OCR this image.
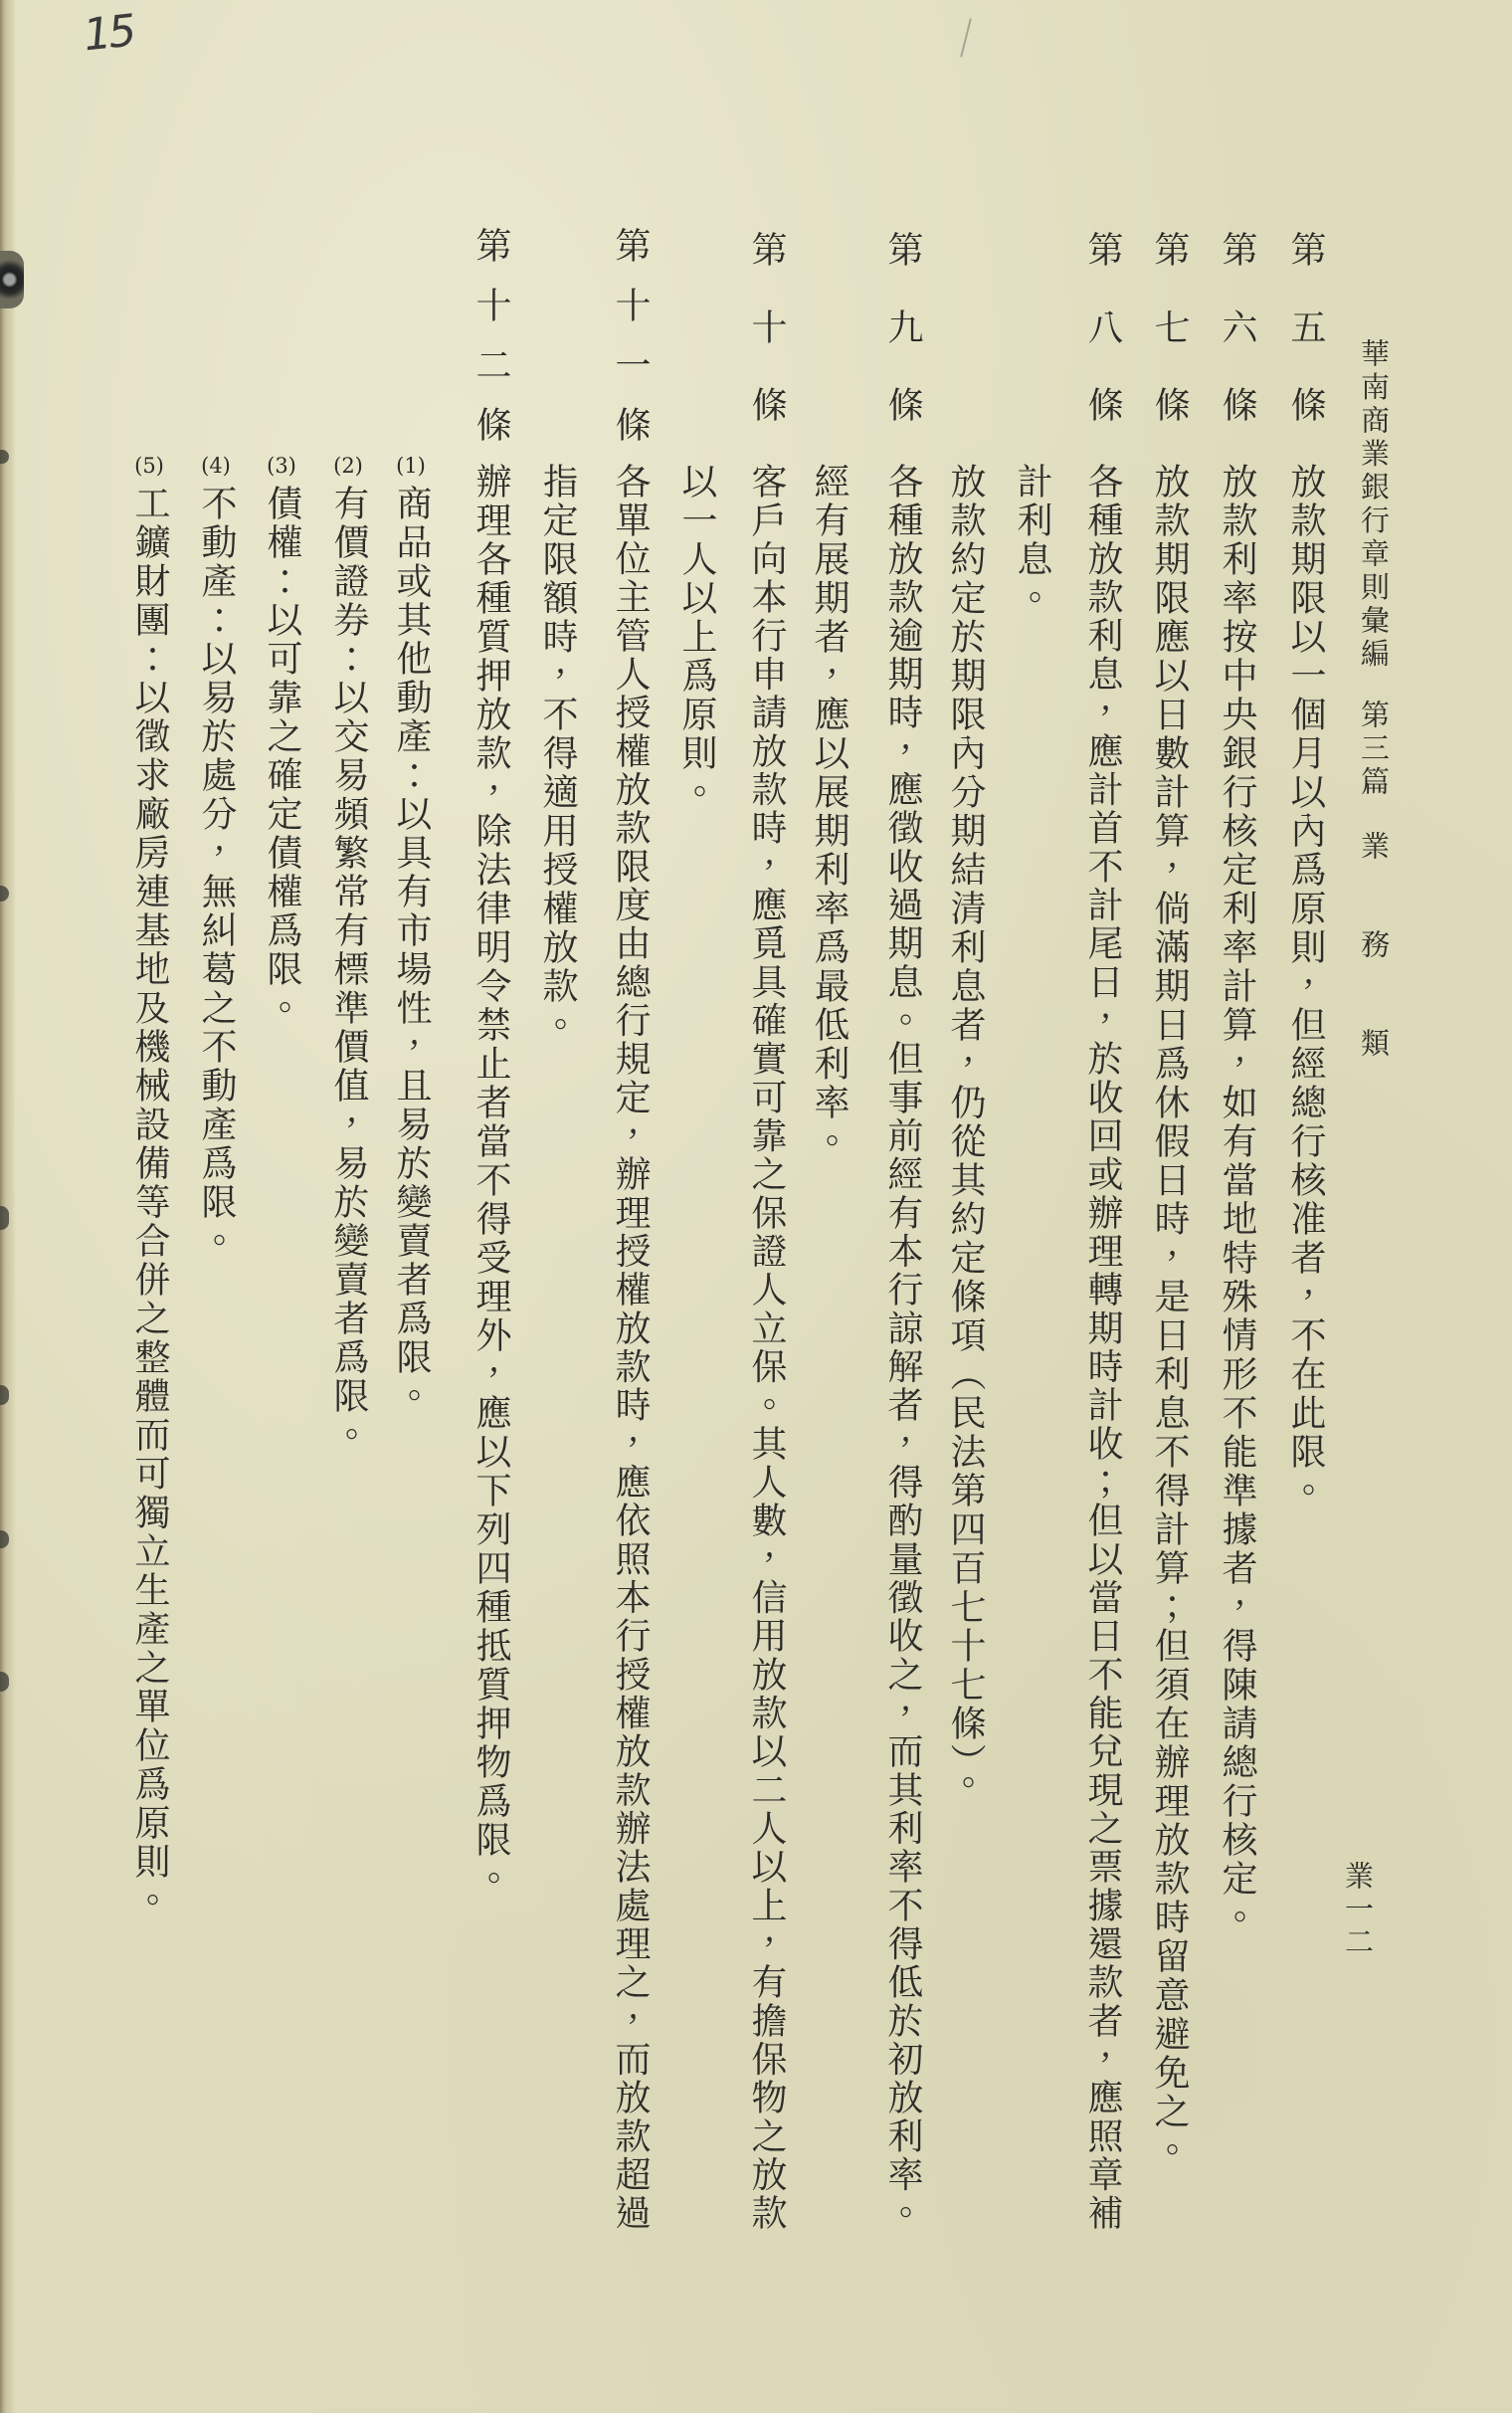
15
華南商業銀行章則彙編
第三篇
業務類
第五條
放款期限以一個月以內爲原則，但經總行核准者，不在此限。
第六條
放款利率按中央銀行核定利率計算，如有當地特殊情形不能準據者，得陳請總行核定。
第七條
放款期限應以日數計算，倘滿期日爲休假日時，是日利息不得計算；但須在辦理放款時留意避免之。
第八條
各種放款利息，應計首不計尾日，於收回或辦理轉期時計收；但以當日不能兌現之票據還款者，應照章補
計利息。
放款約定於期限內分期結清利息者，仍從其約定條項（民法第四百七十七條）。
第九條
各種放款逾期時，應徵收過期息。但事前經有本行諒解者，得酌量徵收之，而其利率不得低於初放利率。
經有展期者，應以展期利率爲最低利率。
第十條
客戶向本行申請放款時，應覓具確實可靠之保證人立保。其人數，信用放款以二人以上，有擔保物之放款
以一人以上爲原則。
第十一條
各單位主管人授權放款限度由總行規定，辦理授權放款時，應依照本行授權放款辦法處理之，而放款超過
指定限額時，不得適用授權放款。
第十二條
辦理各種質押放款，除法律明令禁止者當不得受理外，應以下列四種抵質押物爲限。
(1)
商品或其他動產：以具有市場性，且易於變賣者爲限。
(2)
有價證券：以交易頻繁常有標準價值，易於變賣者爲限。
(3)
債權：以可靠之確定債權爲限。
(4)
不動產：以易於處分，無糾葛之不動產爲限。
(5)
工鑛財團：以徵求廠房連基地及機械設備等合併之整體而可獨立生產之單位爲原則。	業一二
